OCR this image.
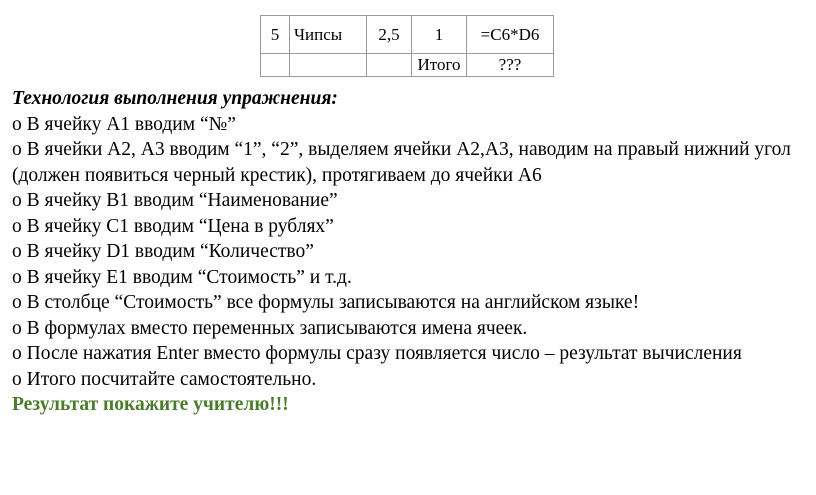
5	Чипсы	2,5	1	=C6*D6
			Итого	???

Технология выполнения упражнения:

o В ячейку А1 вводим “№”

o В ячейки А2, А3 вводим “1”, “2”, выделяем ячейки А2,А3, наводим на правый нижний угол (должен появиться черный крестик), протягиваем до ячейки А6

o В ячейку В1 вводим “Наименование”

o В ячейку С1 вводим “Цена в рублях”

o В ячейку D1 вводим “Количество”

o В ячейку Е1 вводим “Стоимость” и т.д.

o В столбце “Стоимость” все формулы записываются на английском языке!

o В формулах вместо переменных записываются имена ячеек.

o После нажатия Enter вместо формулы сразу появляется число – результат вычисления

o Итого посчитайте самостоятельно.

Результат покажите учителю!!!
